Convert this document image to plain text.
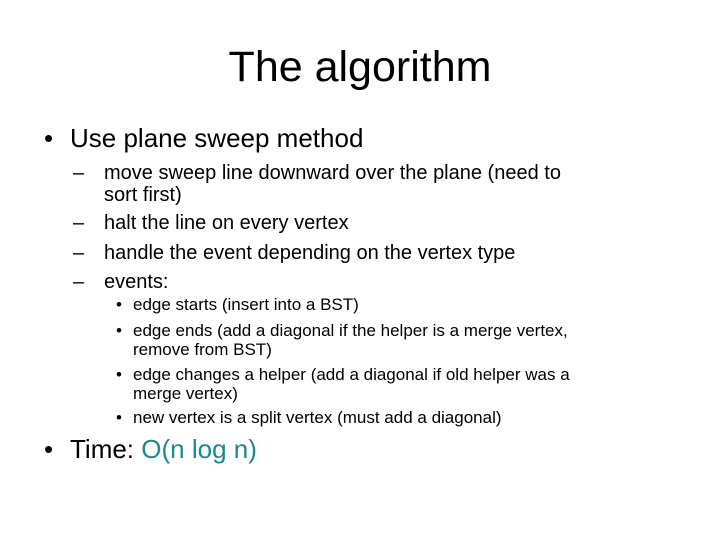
The algorithm
• Use plane sweep method
– move sweep line downward over the plane (need to
sort first)
– halt the line on every vertex
– handle the event depending on the vertex type
– events:
• edge starts (insert into a BST)
• edge ends (add a diagonal if the helper is a merge vertex,
remove from BST)
• edge changes a helper (add a diagonal if old helper was a
merge vertex)
• new vertex is a split vertex (must add a diagonal)
• Time: O(n log n)
